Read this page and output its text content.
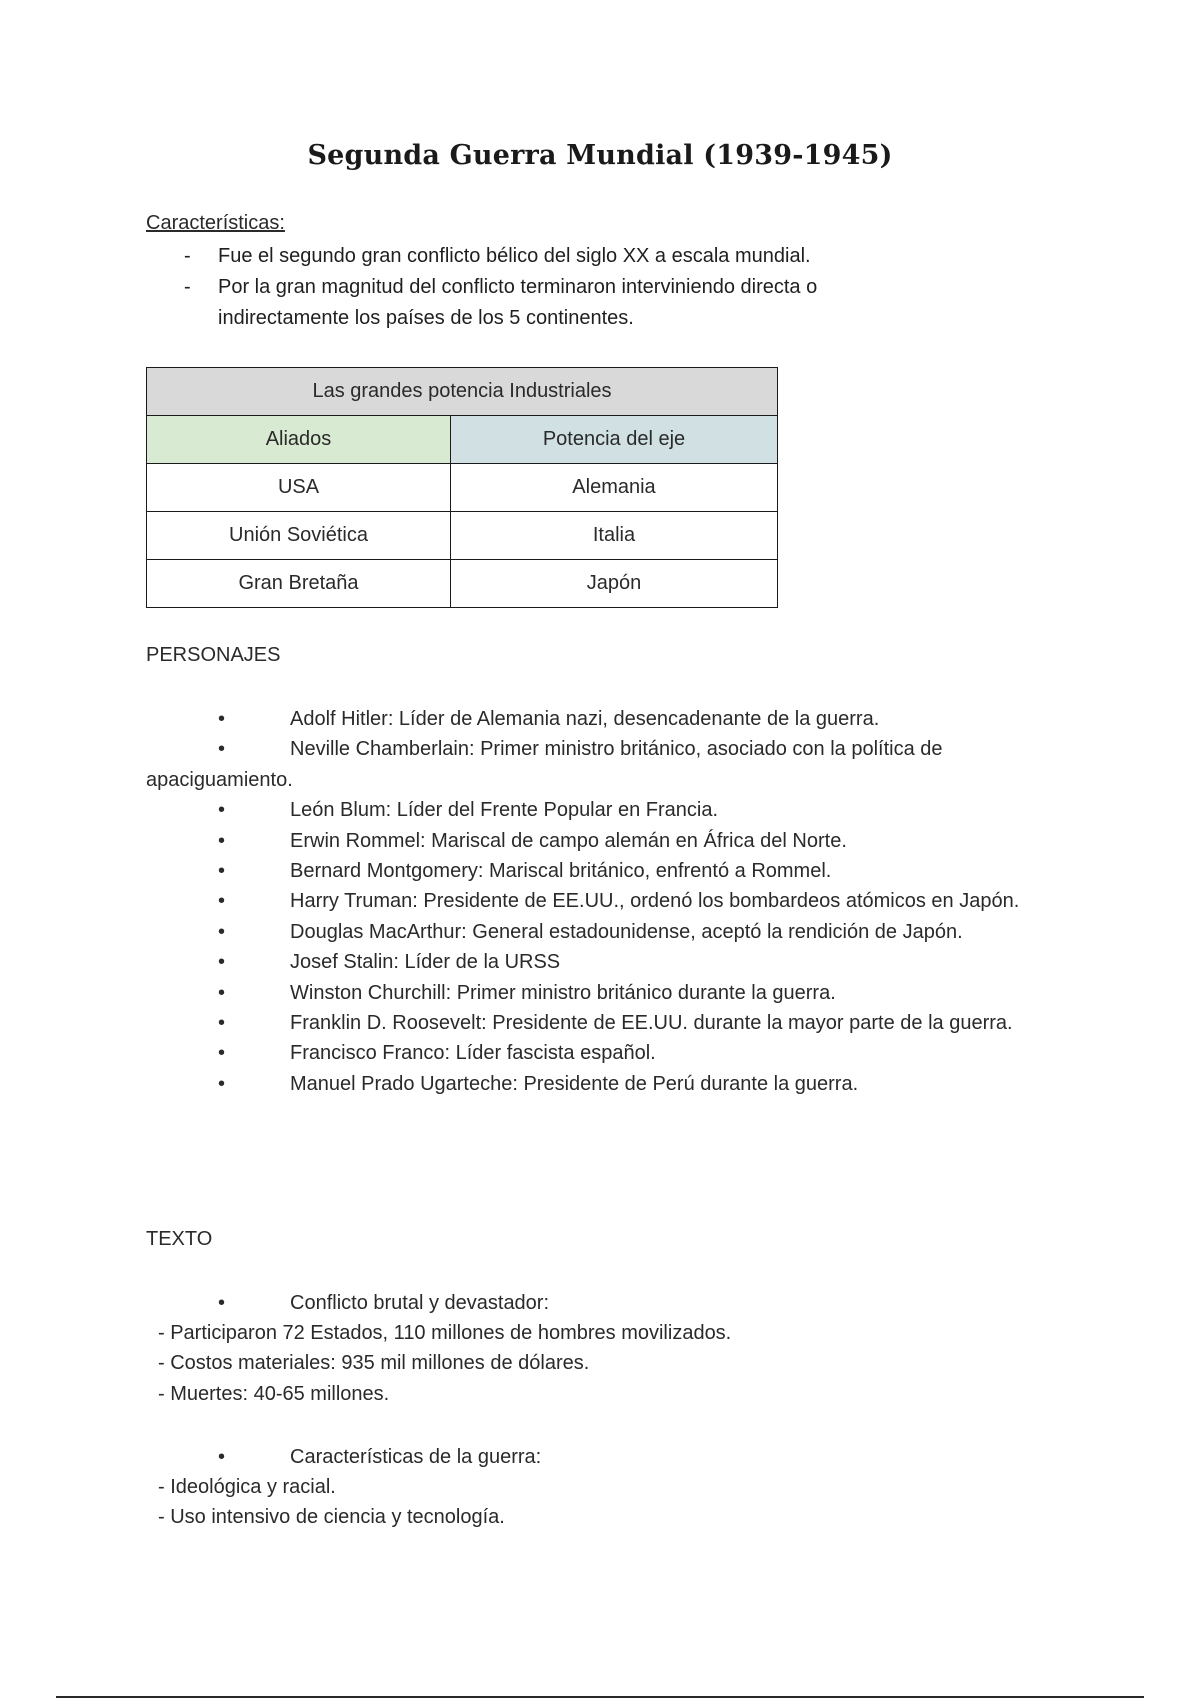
Segunda Guerra Mundial (1939-1945)
Características:
- Fue el segundo gran conflicto bélico del siglo XX a escala mundial.
- Por la gran magnitud del conflicto terminaron interviniendo directa o indirectamente los países de los 5 continentes.
Las grandes potencia Industriales	
Aliados	Potencia del eje
USA	Alemania
Unión Soviética	Italia
Gran Bretaña	Japón
PERSONAJES
•	Adolf Hitler: Líder de Alemania nazi, desencadenante de la guerra.
•	Neville Chamberlain: Primer ministro británico, asociado con la política de apaciguamiento.
•	León Blum: Líder del Frente Popular en Francia.
•	Erwin Rommel: Mariscal de campo alemán en África del Norte.
•	Bernard Montgomery: Mariscal británico, enfrentó a Rommel.
•	Harry Truman: Presidente de EE.UU., ordenó los bombardeos atómicos en Japón.
•	Douglas MacArthur: General estadounidense, aceptó la rendición de Japón.
•	Josef Stalin: Líder de la URSS
•	Winston Churchill: Primer ministro británico durante la guerra.
•	Franklin D. Roosevelt: Presidente de EE.UU. durante la mayor parte de la guerra.
•	Francisco Franco: Líder fascista español.
•	Manuel Prado Ugarteche: Presidente de Perú durante la guerra.
TEXTO
•	Conflicto brutal y devastador:
- Participaron 72 Estados, 110 millones de hombres movilizados.
- Costos materiales: 935 mil millones de dólares.
- Muertes: 40-65 millones.
•	Características de la guerra:
- Ideológica y racial.
- Uso intensivo de ciencia y tecnología.
